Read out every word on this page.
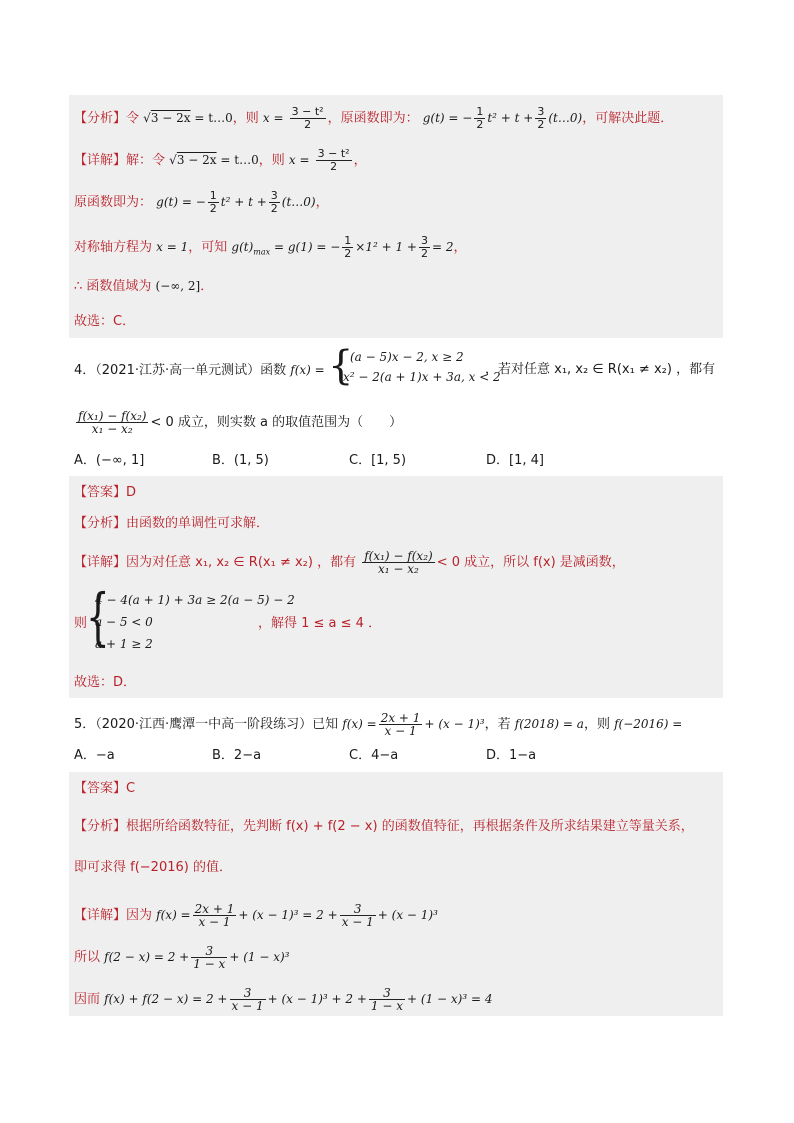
【分析】令 √3 − 2x = t…0，则 $x = \frac{\text{3 − t²}}{2}$ ，原函数即为： g(t) = − $\frac{1}{2} t^2 + t + \frac{3}{2}$ (t…0)，可解决此题．
【详解】解：令 √3 − 2x = t…0，则 $x = \frac{\text{3 − t²}}{2}$ ，
原函数即为： g(t) = − $\frac{1}{2} t^2 + t + \frac{3}{2}$ (t…0)，
对称轴方程为 x = 1，可知 $g(t)_{max} = g(1)$ = − $\frac{1}{2} \times 1^2 + 1 + \frac{3}{2} = 2$，
∴ 函数值域为 (−∞, 2]．
故选：C．
4．（2021·江苏·高一单元测试）函数 f(x) = {
(a − 5)x − 2, x ≥ 2
x² − 2(a + 1)x + 3a, x < 2
，若对任意 x₁, x₂ ∈ R(x₁ ≠ x₂) ，都有
$\frac{\text{f(x₁) − f(x₂)}}{\text{x₁ − x₂}} < 0$ 成立，则实数 a 的取值范围为（　　）
A．(−∞, 1]	B．(1, 5)	C．[1, 5)	D．[1, 4]
【答案】D
【分析】由函数的单调性可求解．
【详解】因为对任意 x₁, x₂ ∈ R(x₁ ≠ x₂) ，都有 $\frac{\text{f(x₁) − f(x₂)}}{\text{x₁ − x₂}} < 0$ 成立，所以 f(x) 是减函数，
则
{
4 − 4(a + 1) + 3a ≥ 2(a − 5) − 2
a − 5 < 0
a + 1 ≥ 2
，解得 1 ≤ a ≤ 4 ．
故选：D．
5．（2020·江西·鹰潭一中高一阶段练习）已知 $f(x) = \frac{2x + 1}{x - 1} + (x - 1)^3$，若 f(2018) = a，则 f(−2016) =
A．−a	B．2−a	C．4−a	D．1−a
【答案】C
【分析】根据所给函数特征，先判断 f(x) + f(2 − x) 的函数值特征，再根据条件及所求结果建立等量关系，
即可求得 f(−2016) 的值．
【详解】因为 $f(x) = \frac{2x + 1}{x - 1} + (x - 1)^3 = 2 + \frac{3}{x - 1} + (x - 1)^3$
所以 $f(2 - x) = 2 + \frac{3}{1 - x} + (1 - x)^3$
因而 $f(x) + f(2 - x) = 2 + \frac{3}{x - 1} + (x - 1)^3 + 2 + \frac{3}{1 - x} + (1 - x)^3 = 4$
